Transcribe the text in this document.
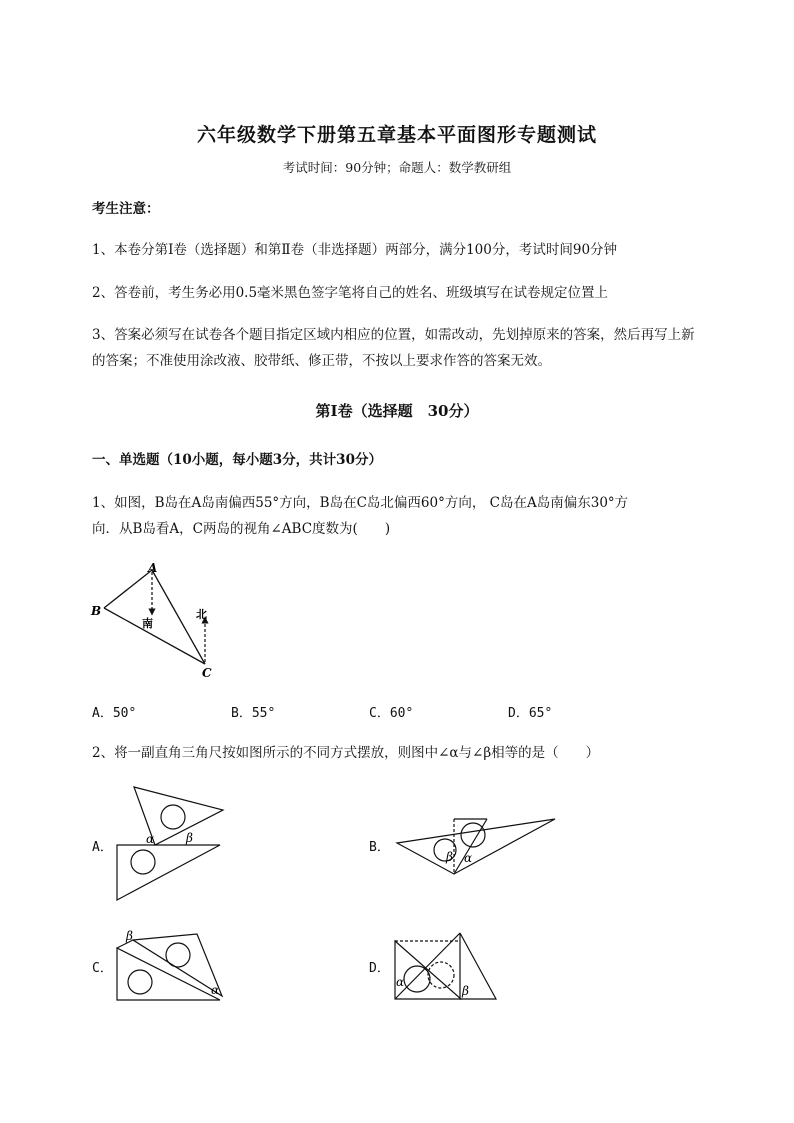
六年级数学下册第五章基本平面图形专题测试
考试时间：90分钟；命题人：数学教研组
考生注意：
1、本卷分第Ⅰ卷（选择题）和第Ⅱ卷（非选择题）两部分，满分100分，考试时间90分钟
2、答卷前，考生务必用0.5毫米黑色签字笔将自己的姓名、班级填写在试卷规定位置上
3、答案必须写在试卷各个题目指定区域内相应的位置，如需改动，先划掉原来的答案，然后再写上新
的答案；不准使用涂改液、胶带纸、修正带，不按以上要求作答的答案无效。
第Ⅰ卷（选择题　30分）
一、单选题（10小题，每小题3分，共计30分）
1、如图，B岛在A岛南偏西55°方向，B岛在C岛北偏西60°方向， C岛在A岛南偏东30°方
向．从B岛看A，C两岛的视角∠ABC度数为(　　)
A
B
C
南
北
A．50°	B．55°	C．60°	D．65°
2、将一副直角三角尺按如图所示的不同方式摆放，则图中∠α与∠β相等的是（　　）
A．	B．
C．	D．
α	β
β α
β
α
α
β
